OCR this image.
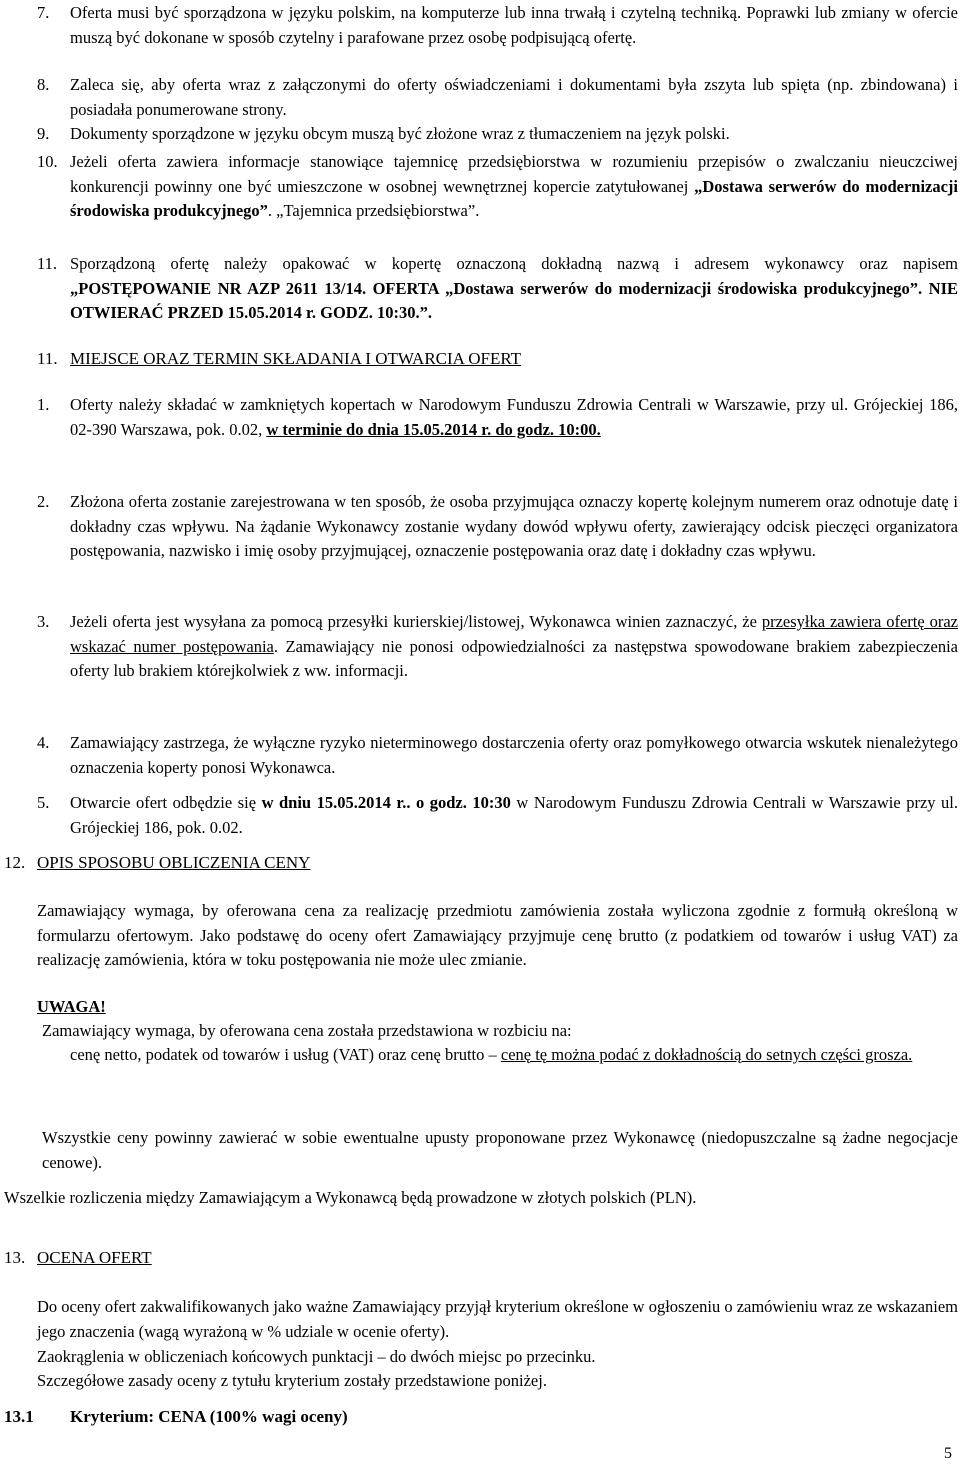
7. Oferta musi być sporządzona w języku polskim, na komputerze lub inna trwałą i czytelną techniką. Poprawki lub zmiany w ofercie muszą być dokonane w sposób czytelny i parafowane przez osobę podpisującą ofertę.
8. Zaleca się, aby oferta wraz z załączonymi do oferty oświadczeniami i dokumentami była zszyta lub spięta (np. zbindowana) i posiadała ponumerowane strony.
9. Dokumenty sporządzone w języku obcym muszą być złożone wraz z tłumaczeniem na język polski.
10. Jeżeli oferta zawiera informacje stanowiące tajemnicę przedsiębiorstwa w rozumieniu przepisów o zwalczaniu nieuczciwej konkurencji powinny one być umieszczone w osobnej wewnętrznej kopercie zatytułowanej „Dostawa serwerów do modernizacji środowiska produkcyjnego”. „Tajemnica przedsiębiorstwa”.
11. Sporządzoną ofertę należy opakować w kopertę oznaczoną dokładną nazwą i adresem wykonawcy oraz napisem „POSTĘPOWANIE NR AZP 2611 13/14. OFERTA „Dostawa serwerów do modernizacji środowiska produkcyjnego”. NIE OTWIERAĆ PRZED 15.05.2014 r. GODZ. 10:30.”.
11. MIEJSCE ORAZ TERMIN SKŁADANIA I OTWARCIA OFERT
1. Oferty należy składać w zamkniętych kopertach w Narodowym Funduszu Zdrowia Centrali w Warszawie, przy ul. Grójeckiej 186, 02-390 Warszawa, pok. 0.02, w terminie do dnia 15.05.2014 r. do godz. 10:00.
2. Złożona oferta zostanie zarejestrowana w ten sposób, że osoba przyjmująca oznaczy kopertę kolejnym numerem oraz odnotuje datę i dokładny czas wpływu. Na żądanie Wykonawcy zostanie wydany dowód wpływu oferty, zawierający odcisk pieczęci organizatora postępowania, nazwisko i imię osoby przyjmującej, oznaczenie postępowania oraz datę i dokładny czas wpływu.
3. Jeżeli oferta jest wysyłana za pomocą przesyłki kurierskiej/listowej, Wykonawca winien zaznaczyć, że przesyłka zawiera ofertę oraz wskazać numer postępowania. Zamawiający nie ponosi odpowiedzialności za następstwa spowodowane brakiem zabezpieczenia oferty lub brakiem którejkolwiek z ww. informacji.
4. Zamawiający zastrzega, że wyłączne ryzyko nieterminowego dostarczenia oferty oraz pomyłkowego otwarcia wskutek nienależytego oznaczenia koperty ponosi Wykonawca.
5. Otwarcie ofert odbędzie się w dniu 15.05.2014 r.. o godz. 10:30 w Narodowym Funduszu Zdrowia Centrali w Warszawie przy ul. Grójeckiej 186, pok. 0.02.
12. OPIS SPOSOBU OBLICZENIA CENY
Zamawiający wymaga, by oferowana cena za realizację przedmiotu zamówienia została wyliczona zgodnie z formułą określoną w formularzu ofertowym. Jako podstawę do oceny ofert Zamawiający przyjmuje cenę brutto (z podatkiem od towarów i usług VAT) za realizację zamówienia, która w toku postępowania nie może ulec zmianie.
UWAGA!
Zamawiający wymaga, by oferowana cena została przedstawiona w rozbiciu na:
cenę netto, podatek od towarów i usług (VAT) oraz cenę brutto – cenę tę można podać z dokładnością do setnych części grosza.
Wszystkie ceny powinny zawierać w sobie ewentualne upusty proponowane przez Wykonawcę (niedopuszczalne są żadne negocjacje cenowe).
Wszelkie rozliczenia między Zamawiającym a Wykonawcą będą prowadzone w złotych polskich (PLN).
13. OCENA OFERT
Do oceny ofert zakwalifikowanych jako ważne Zamawiający przyjął kryterium określone w ogłoszeniu o zamówieniu wraz ze wskazaniem jego znaczenia (wagą wyrażoną w % udziale w ocenie oferty).
Zaokrąglenia w obliczeniach końcowych punktacji – do dwóch miejsc po przecinku.
Szczegółowe zasady oceny z tytułu kryterium zostały przedstawione poniżej.
13.1 Kryterium: CENA (100% wagi oceny)
5
